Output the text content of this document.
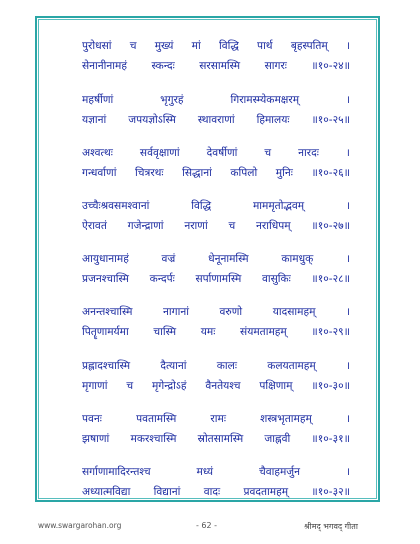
पुरोधसां च मुख्यं मां विद्धि पार्थ बृहस्पतिम् ।
सेनानीनामहं स्कन्दः सरसामस्मि सागरः ॥१०-२४॥
महर्षीणां	भृगुरहं	गिरामस्म्येकमक्षरम्	।
यज्ञानां जपयज्ञोऽस्मि स्थावराणां हिमालयः ॥१०-२५॥
अश्वत्थः	सर्ववृक्षाणां	देवर्षीणां	च	नारदः	।
गन्धर्वाणां चित्ररथः सिद्धानां कपिलो मुनिः ॥१०-२६॥
उच्चैःश्रवसमश्वानां	विद्धि	माममृतोद्भवम्	।
ऐरावतं गजेन्द्राणां नराणां च नराधिपम् ॥१०-२७॥
आयुधानामहं	वज्रं	धेनूनामस्मि	कामधुक्	।
प्रजनश्चास्मि कन्दर्पः सर्पाणामस्मि वासुकिः ॥१०-२८॥
अनन्तश्चास्मि	नागानां	वरुणो	यादसामहम्	।
पितॄणामर्यमा चास्मि यमः संयमतामहम् ॥१०-२९॥
प्रह्लादश्चास्मि	दैत्यानां	कालः	कलयतामहम्	।
मृगाणां च मृगेन्द्रोऽहं वैनतेयश्च पक्षिणाम् ॥१०-३०॥
पवनः	पवतामस्मि	रामः	शस्त्रभृतामहम्	।
झषाणां मकरश्चास्मि स्रोतसामस्मि जाह्नवी ॥१०-३१॥
सर्गाणामादिरन्तश्च	मध्यं	चैवाहमर्जुन	।
अध्यात्मविद्या विद्यानां वादः प्रवदतामहम् ॥१०-३२॥
www.swargarohan.org	- 62 -	श्रीमद् भगवद् गीता
